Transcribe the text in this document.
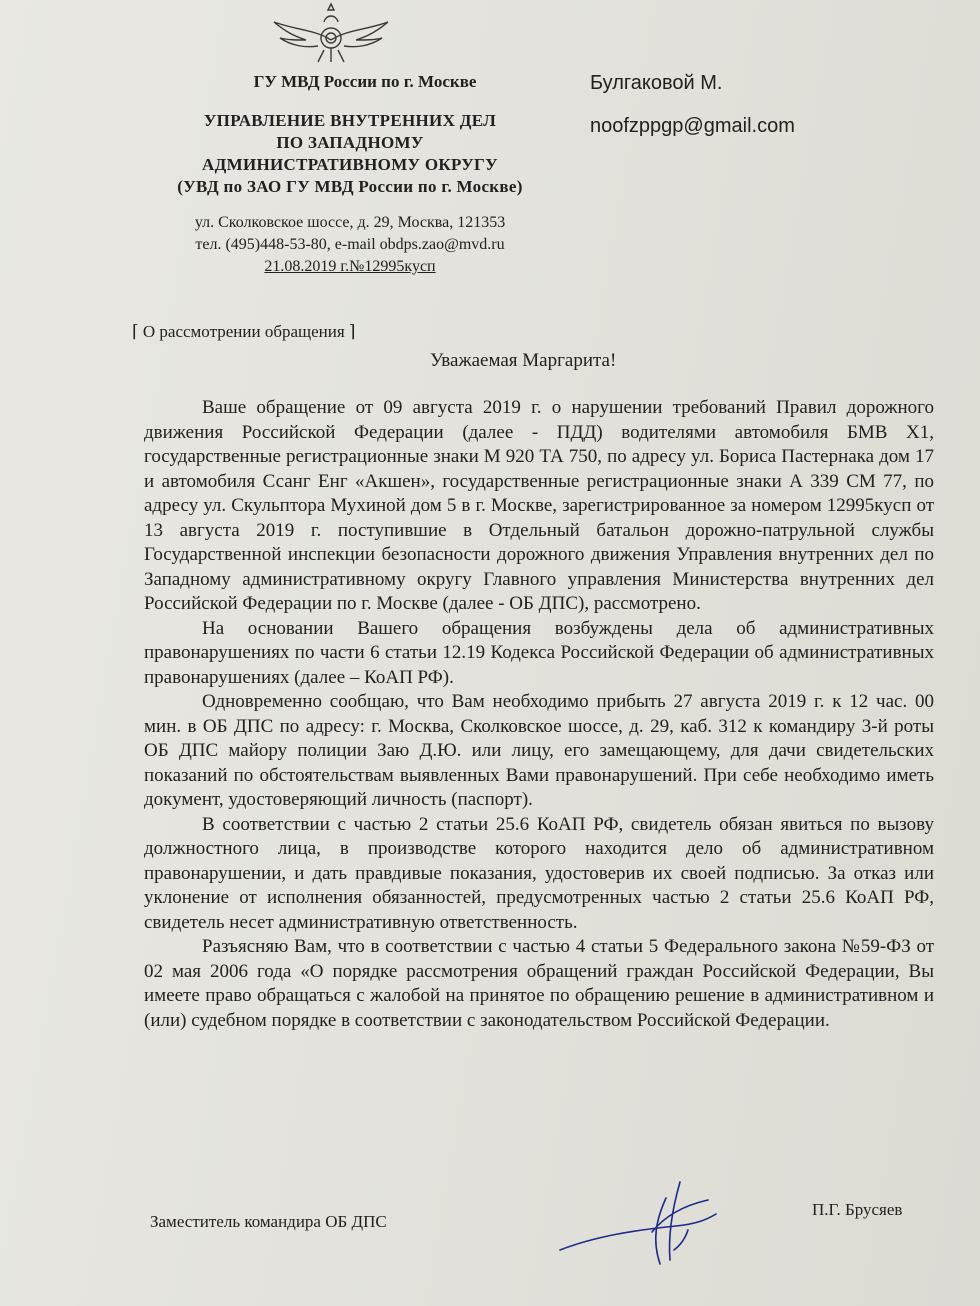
ГУ МВД России по г. Москве
УПРАВЛЕНИЕ ВНУТРЕННИХ ДЕЛ
ПО ЗАПАДНОМУ
АДМИНИСТРАТИВНОМУ ОКРУГУ
(УВД по ЗАО ГУ МВД России по г. Москве)
ул. Сколковское шоссе, д. 29, Москва, 121353
тел. (495)448-53-80, e-mail obdps.zao@mvd.ru
21.08.2019 г.№12995кусп
Булгаковой М.
noofzppgp@gmail.com
⌈ О рассмотрении обращения ⌉
Уважаемая Маргарита!

Ваше обращение от 09 августа 2019 г. о нарушении требований Правил дорожного движения Российской Федерации (далее - ПДД) водителями автомобиля БМВ Х1, государственные регистрационные знаки М 920 ТА 750, по адресу ул. Бориса Пастернака дом 17 и автомобиля Ссанг Енг «Акшен», государственные регистрационные знаки А 339 СМ 77, по адресу ул. Скульптора Мухиной дом 5 в г. Москве, зарегистрированное за номером 12995кусп от 13 августа 2019 г. поступившие в Отдельный батальон дорожно-патрульной службы Государственной инспекции безопасности дорожного движения Управления внутренних дел по Западному административному округу Главного управления Министерства внутренних дел Российской Федерации по г. Москве (далее - ОБ ДПС), рассмотрено.

На основании Вашего обращения возбуждены дела об административных правонарушениях по части 6 статьи 12.19 Кодекса Российской Федерации об административных правонарушениях (далее – КоАП РФ).

Одновременно сообщаю, что Вам необходимо прибыть 27 августа 2019 г. к 12 час. 00 мин. в ОБ ДПС по адресу: г. Москва, Сколковское шоссе, д. 29, каб. 312 к командиру 3-й роты ОБ ДПС майору полиции Заю Д.Ю. или лицу, его замещающему, для дачи свидетельских показаний по обстоятельствам выявленных Вами правонарушений. При себе необходимо иметь документ, удостоверяющий личность (паспорт).

В соответствии с частью 2 статьи 25.6 КоАП РФ, свидетель обязан явиться по вызову должностного лица, в производстве которого находится дело об административном правонарушении, и дать правдивые показания, удостоверив их своей подписью. За отказ или уклонение от исполнения обязанностей, предусмотренных частью 2 статьи 25.6 КоАП РФ, свидетель несет административную ответственность.

Разъясняю Вам, что в соответствии с частью 4 статьи 5 Федерального закона №59-ФЗ от 02 мая 2006 года «О порядке рассмотрения обращений граждан Российской Федерации, Вы имеете право обращаться с жалобой на принятое по обращению решение в административном и (или) судебном порядке в соответствии с законодательством Российской Федерации.

Заместитель командира ОБ ДПС
П.Г. Брусяев
